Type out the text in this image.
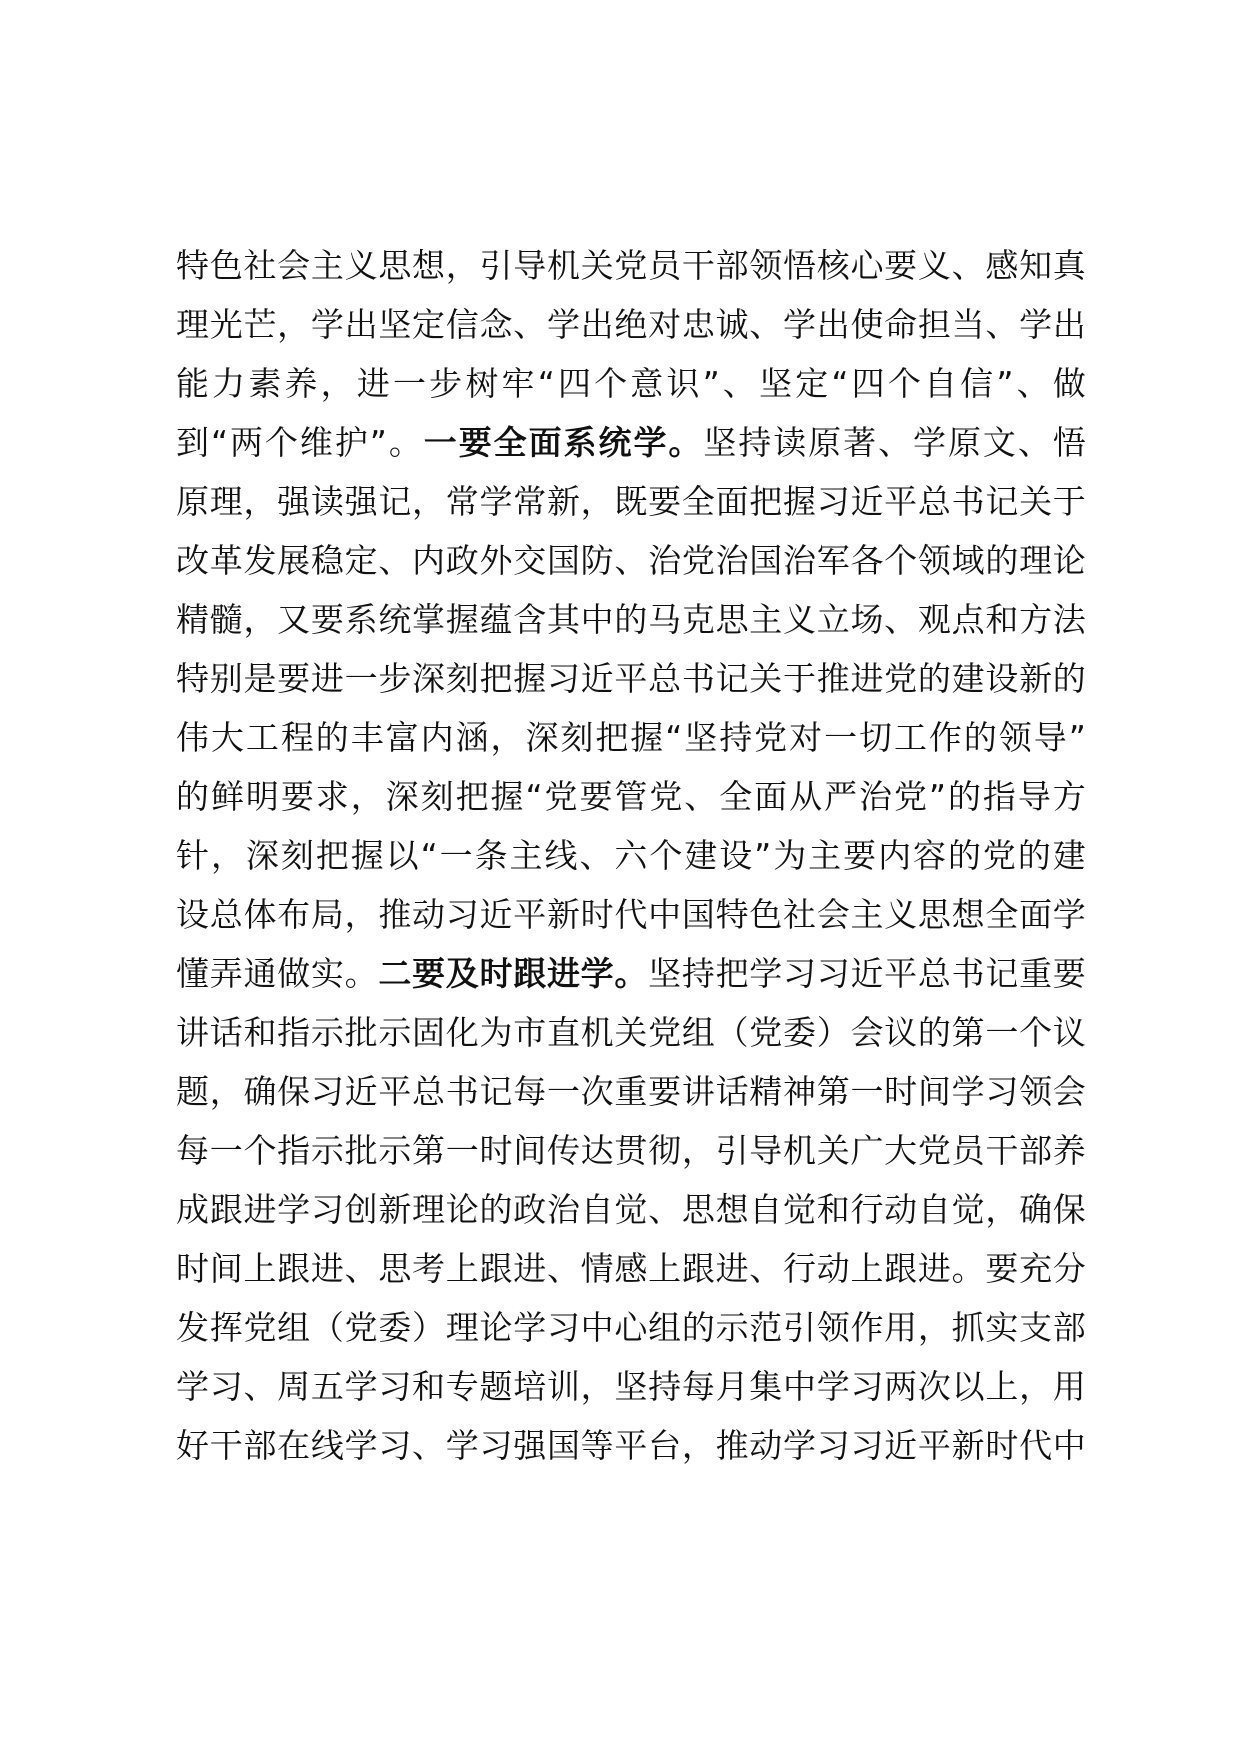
特色社会主义思想，引导机关党员干部领悟核心要义、感知真
理光芒，学出坚定信念、学出绝对忠诚、学出使命担当、学出
能力素养，进一步树牢“四个意识”、坚定“四个自信”、做
到“两个维护”。一要全面系统学。坚持读原著、学原文、悟
原理，强读强记，常学常新，既要全面把握习近平总书记关于
改革发展稳定、内政外交国防、治党治国治军各个领域的理论
精髓，又要系统掌握蕴含其中的马克思主义立场、观点和方法
特别是要进一步深刻把握习近平总书记关于推进党的建设新的
伟大工程的丰富内涵，深刻把握“坚持党对一切工作的领导”
的鲜明要求，深刻把握“党要管党、全面从严治党”的指导方
针，深刻把握以“一条主线、六个建设”为主要内容的党的建
设总体布局，推动习近平新时代中国特色社会主义思想全面学
懂弄通做实。二要及时跟进学。坚持把学习习近平总书记重要
讲话和指示批示固化为市直机关党组（党委）会议的第一个议
题，确保习近平总书记每一次重要讲话精神第一时间学习领会
每一个指示批示第一时间传达贯彻，引导机关广大党员干部养
成跟进学习创新理论的政治自觉、思想自觉和行动自觉，确保
时间上跟进、思考上跟进、情感上跟进、行动上跟进。要充分
发挥党组（党委）理论学习中心组的示范引领作用，抓实支部
学习、周五学习和专题培训，坚持每月集中学习两次以上，用
好干部在线学习、学习强国等平台，推动学习习近平新时代中
